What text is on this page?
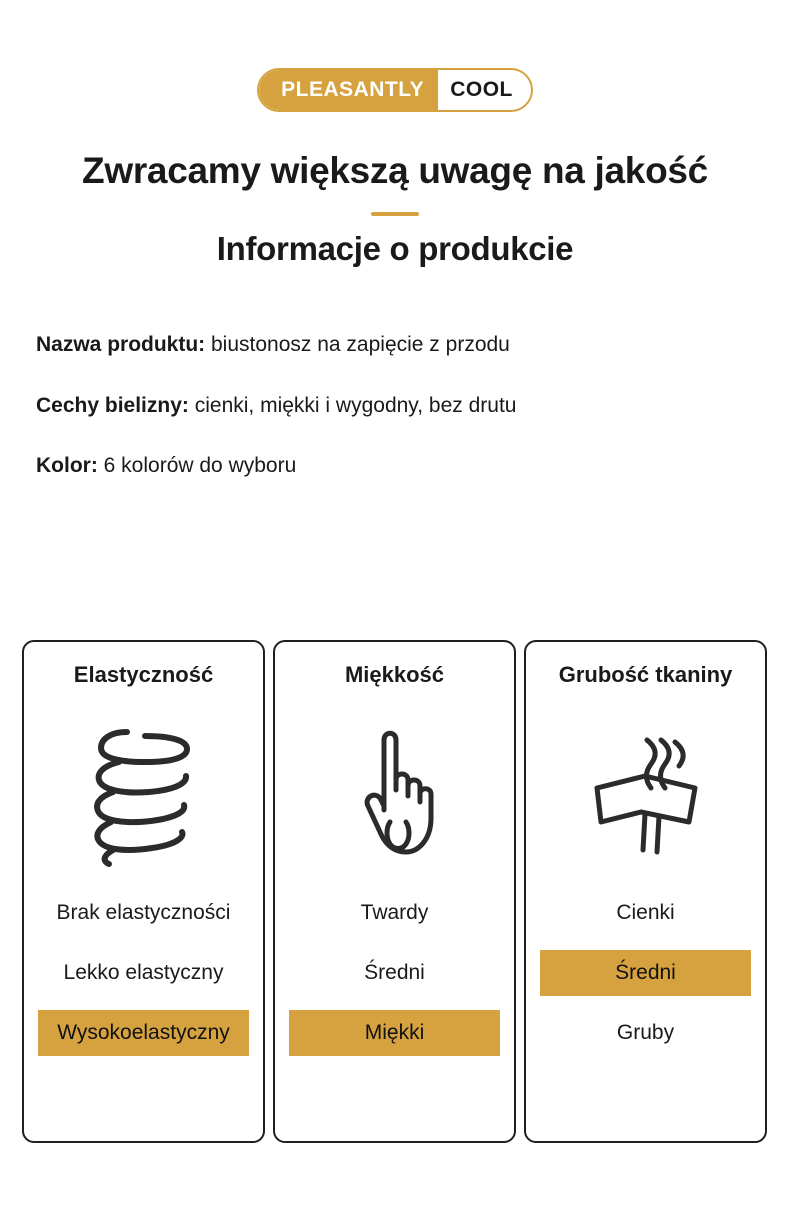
PLEASANTLY	COOL
Zwracamy większą uwagę na jakość
Informacje o produkcie
Nazwa produktu: biustonosz na zapięcie z przodu
Cechy bielizny: cienki, miękki i wygodny, bez drutu
Kolor: 6 kolorów do wyboru
Elastyczność
Brak elastyczności
Lekko elastyczny
Wysokoelastyczny
Miękkość
Twardy
Średni
Miękki
Grubość tkaniny
Cienki
Średni
Gruby
